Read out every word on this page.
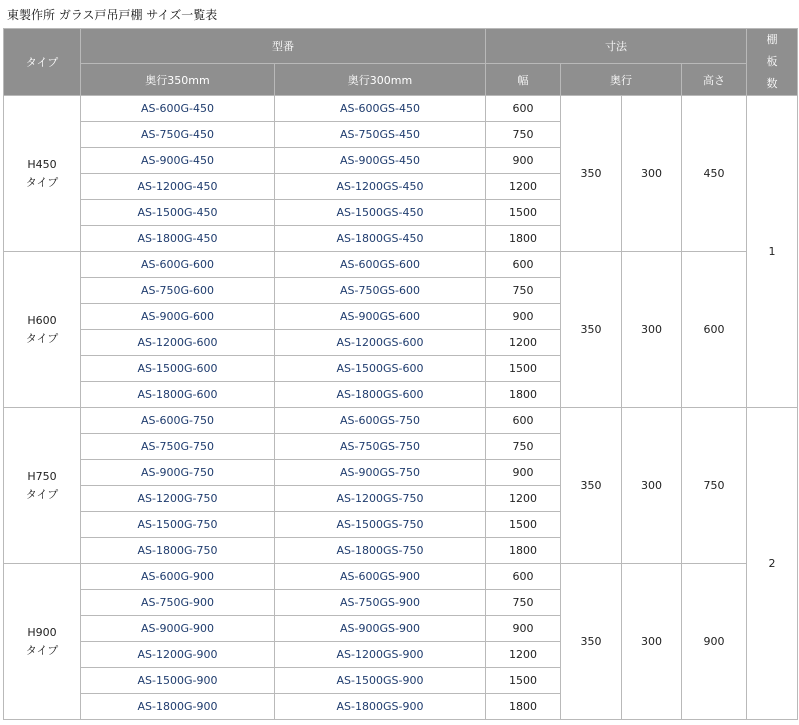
東製作所 ガラス戸吊戸棚 サイズ一覧表
タイプ	型番		寸法				棚
板
数

	奥行350mm	奥行300mm	幅	奥行		高さ	

H450
タイプ	AS-600G-450	AS-600GS-450	600	350	300	450	1
	AS-750G-450	AS-750GS-450	750				
	AS-900G-450	AS-900GS-450	900				
	AS-1200G-450	AS-1200GS-450	1200				
	AS-1500G-450	AS-1500GS-450	1500				
	AS-1800G-450	AS-1800GS-450	1800				

H600
タイプ	AS-600G-600	AS-600GS-600	600	350	300	600	
	AS-750G-600	AS-750GS-600	750				
	AS-900G-600	AS-900GS-600	900				
	AS-1200G-600	AS-1200GS-600	1200				
	AS-1500G-600	AS-1500GS-600	1500				
	AS-1800G-600	AS-1800GS-600	1800				

H750
タイプ	AS-600G-750	AS-600GS-750	600	350	300	750	2
	AS-750G-750	AS-750GS-750	750				
	AS-900G-750	AS-900GS-750	900				
	AS-1200G-750	AS-1200GS-750	1200				
	AS-1500G-750	AS-1500GS-750	1500				
	AS-1800G-750	AS-1800GS-750	1800				

H900
タイプ	AS-600G-900	AS-600GS-900	600	350	300	900	
	AS-750G-900	AS-750GS-900	750				
	AS-900G-900	AS-900GS-900	900				
	AS-1200G-900	AS-1200GS-900	1200				
	AS-1500G-900	AS-1500GS-900	1500				
	AS-1800G-900	AS-1800GS-900	1800				
